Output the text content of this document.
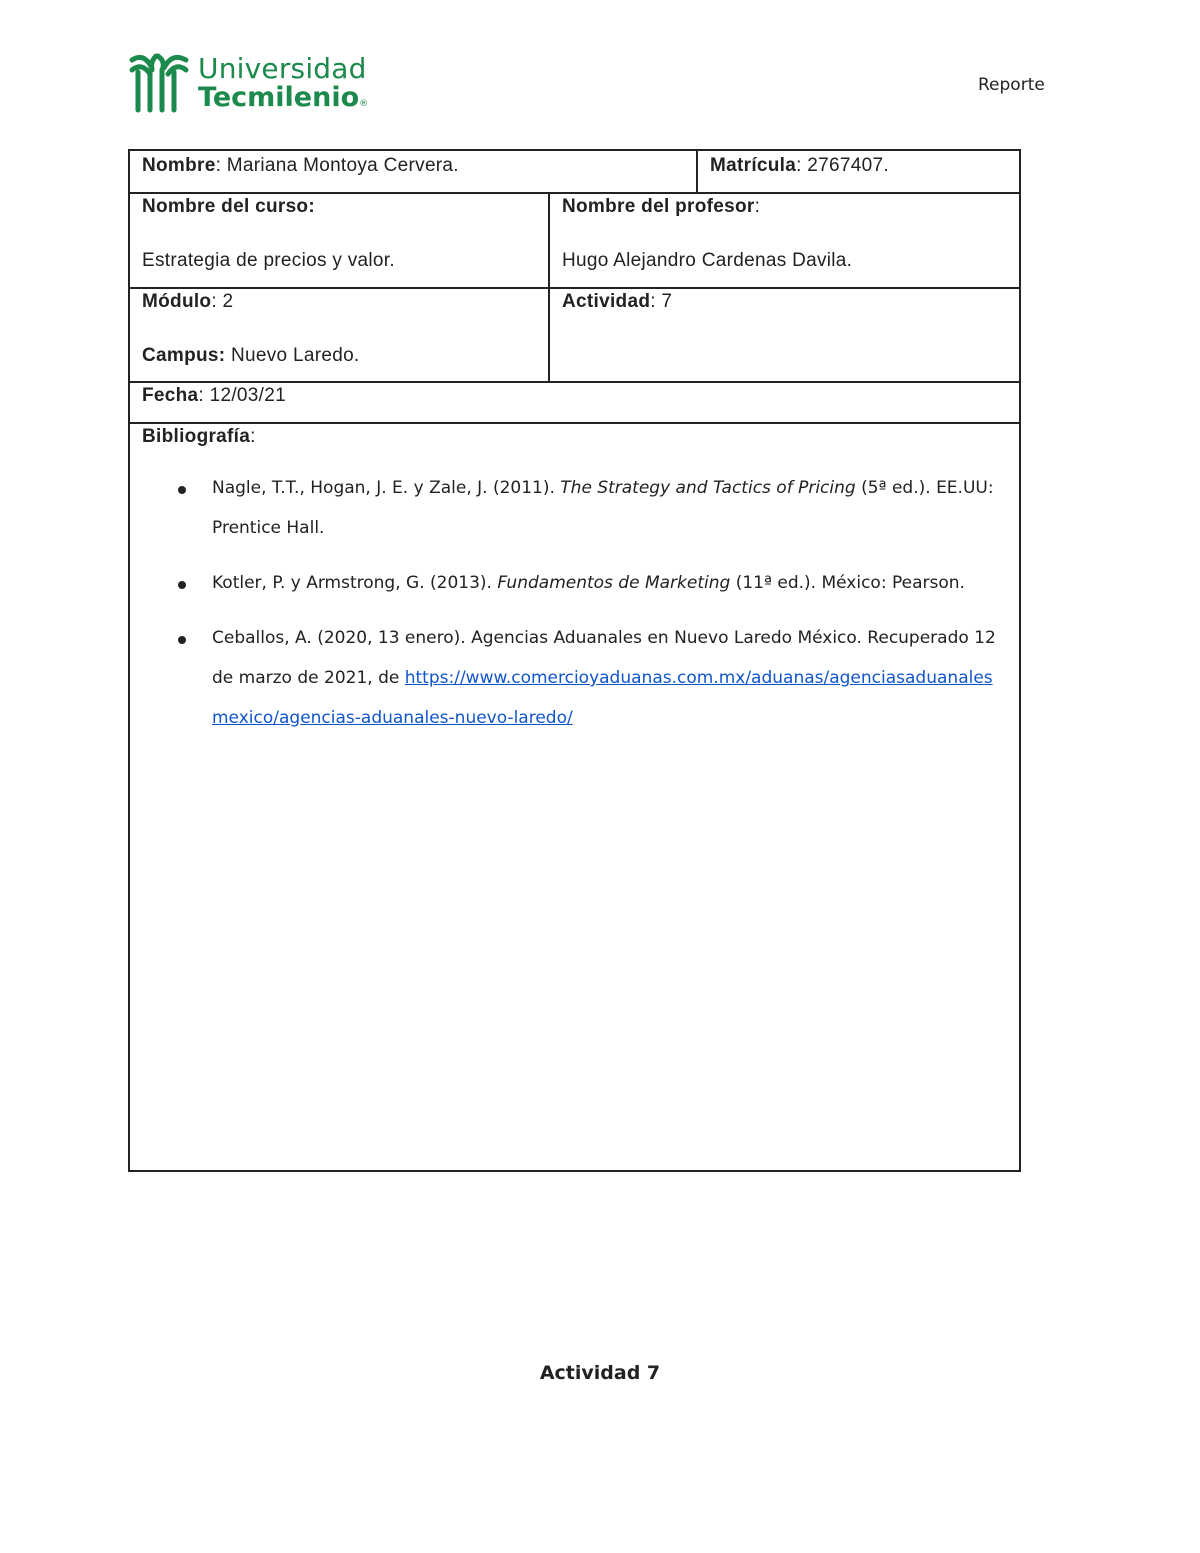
Universidad
Tecmilenio®
Reporte
Nombre: Mariana Montoya Cervera.	Matrícula: 2767407.
Nombre del curso:
Estrategia de precios y valor.
Nombre del profesor:
Hugo Alejandro Cardenas Davila.
Módulo: 2
Campus: Nuevo Laredo.
Actividad: 7
Fecha: 12/03/21
Bibliografía:
Nagle, T.T., Hogan, J. E. y Zale, J. (2011). The Strategy and Tactics of Pricing (5ª ed.). EE.UU: Prentice Hall.
Kotler, P. y Armstrong, G. (2013). Fundamentos de Marketing (11ª ed.). México: Pearson.
Ceballos, A. (2020, 13 enero). Agencias Aduanales en Nuevo Laredo México. Recuperado 12 de marzo de 2021, de https://www.comercioyaduanas.com.mx/aduanas/agenciasaduanalesmexico/agencias-aduanales-nuevo-laredo/
Actividad 7
